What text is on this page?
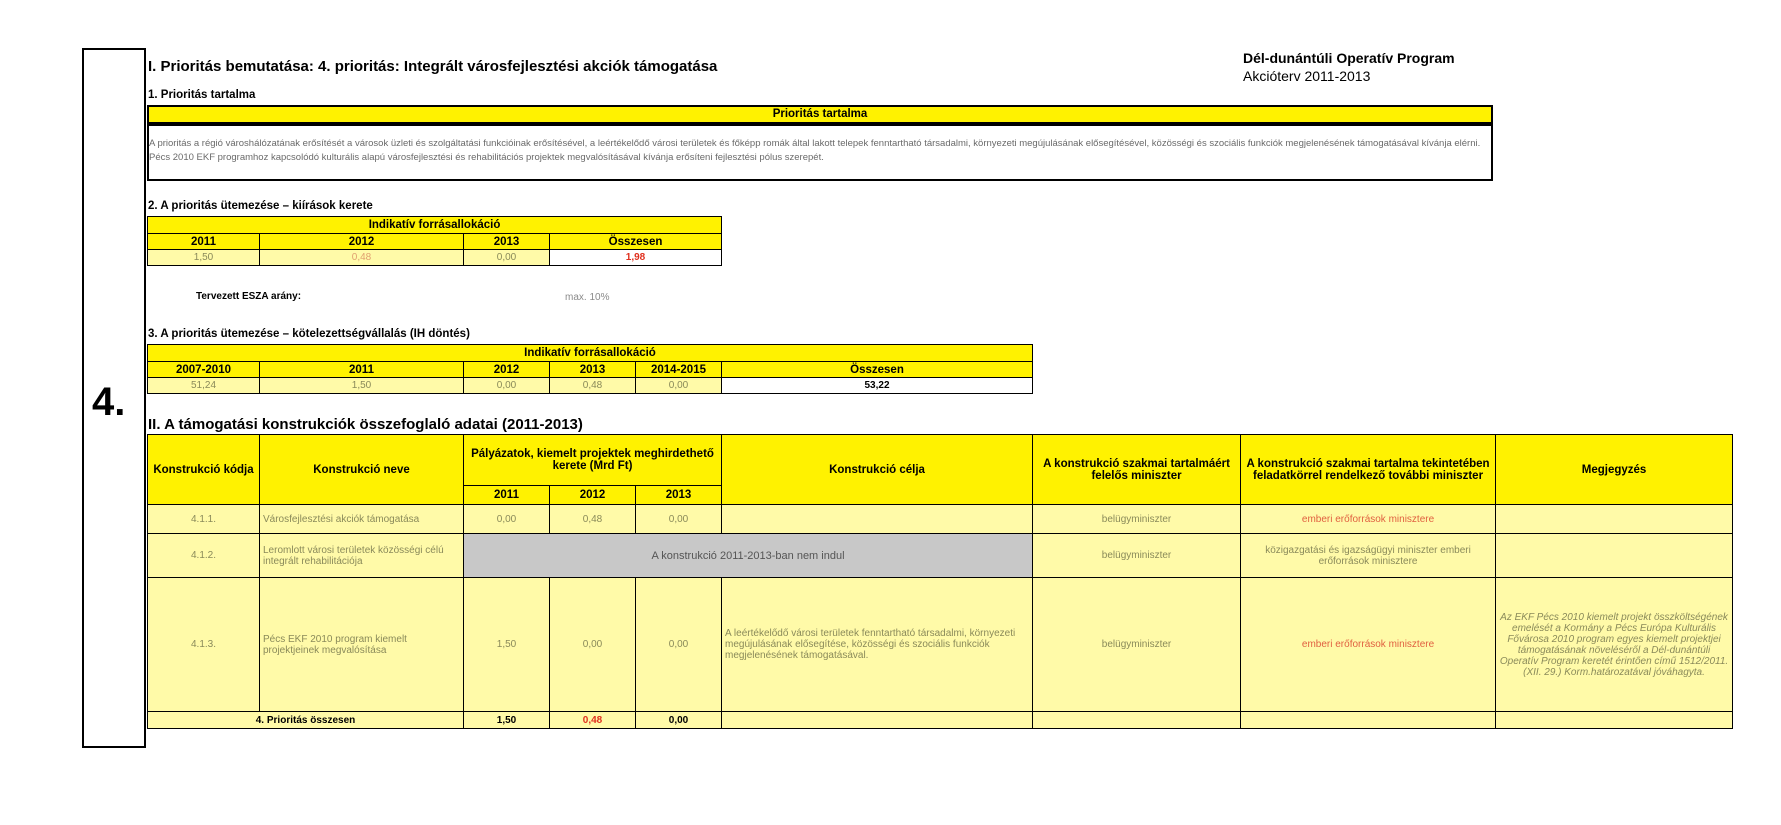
4.
I. Prioritás bemutatása: 4. prioritás: Integrált városfejlesztési akciók támogatása	Dél-dunántúli Operatív Program
Akcióterv 2011-2013
1. Prioritás tartalma
Prioritás tartalma
A prioritás a régió városhálózatának erősítését a városok üzleti és szolgáltatási funkcióinak erősítésével, a leértékelődő városi területek és főképp romák által lakott telepek fenntartható társadalmi, környezeti megújulásának elősegítésével, közösségi és szociális funkciók megjelenésének támogatásával kívánja elérni. Pécs 2010 EKF programhoz kapcsolódó kulturális alapú városfejlesztési és rehabilitációs projektek megvalósításával kívánja erősíteni fejlesztési pólus szerepét.
2. A prioritás ütemezése – kiírások kerete
Indikatív forrásallokáció			
2011	2012	2013	Összesen
1,50	0,48	0,00	1,98
Tervezett ESZA arány:	max. 10%
3. A prioritás ütemezése – kötelezettségvállalás (IH döntés)
Indikatív forrásallokáció					
2007-2010	2011	2012	2013	2014-2015	Összesen
51,24	1,50	0,00	0,48	0,00	53,22
II. A támogatási konstrukciók összefoglaló adatai (2011-2013)
Konstrukció kódja	Konstrukció neve	Pályázatok, kiemelt projektek meghirdethető kerete (Mrd Ft)			Konstrukció célja	A konstrukció szakmai tartalmáért felelős miniszter	A konstrukció szakmai tartalma tekintetében feladatkörrel rendelkező további miniszter	Megjegyzés
		2011	2012	2013				
4.1.1.	Városfejlesztési akciók támogatása	0,00	0,48	0,00		belügyminiszter	emberi erőforrások minisztere	
4.1.2.	Leromlott városi területek közösségi célú integrált rehabilitációja	A konstrukció 2011-2013-ban nem indul				belügyminiszter	közigazgatási és igazságügyi miniszter emberi erőforrások minisztere	
4.1.3.	Pécs EKF 2010 program kiemelt projektjeinek megvalósítása	1,50	0,00	0,00	A leértékelődő városi területek fenntartható társadalmi, környezeti megújulásának elősegítése, közösségi és szociális funkciók megjelenésének támogatásával.	belügyminiszter	emberi erőforrások minisztere	Az EKF Pécs 2010 kiemelt projekt összköltségének emelését a Kormány a Pécs Európa Kulturális Fővárosa 2010 program egyes kiemelt projektjei támogatásának növeléséről a Dél-dunántúli Operatív Program keretét érintően című 1512/2011. (XII. 29.) Korm.határozatával jóváhagyta.
4. Prioritás összesen		1,50	0,48	0,00				
